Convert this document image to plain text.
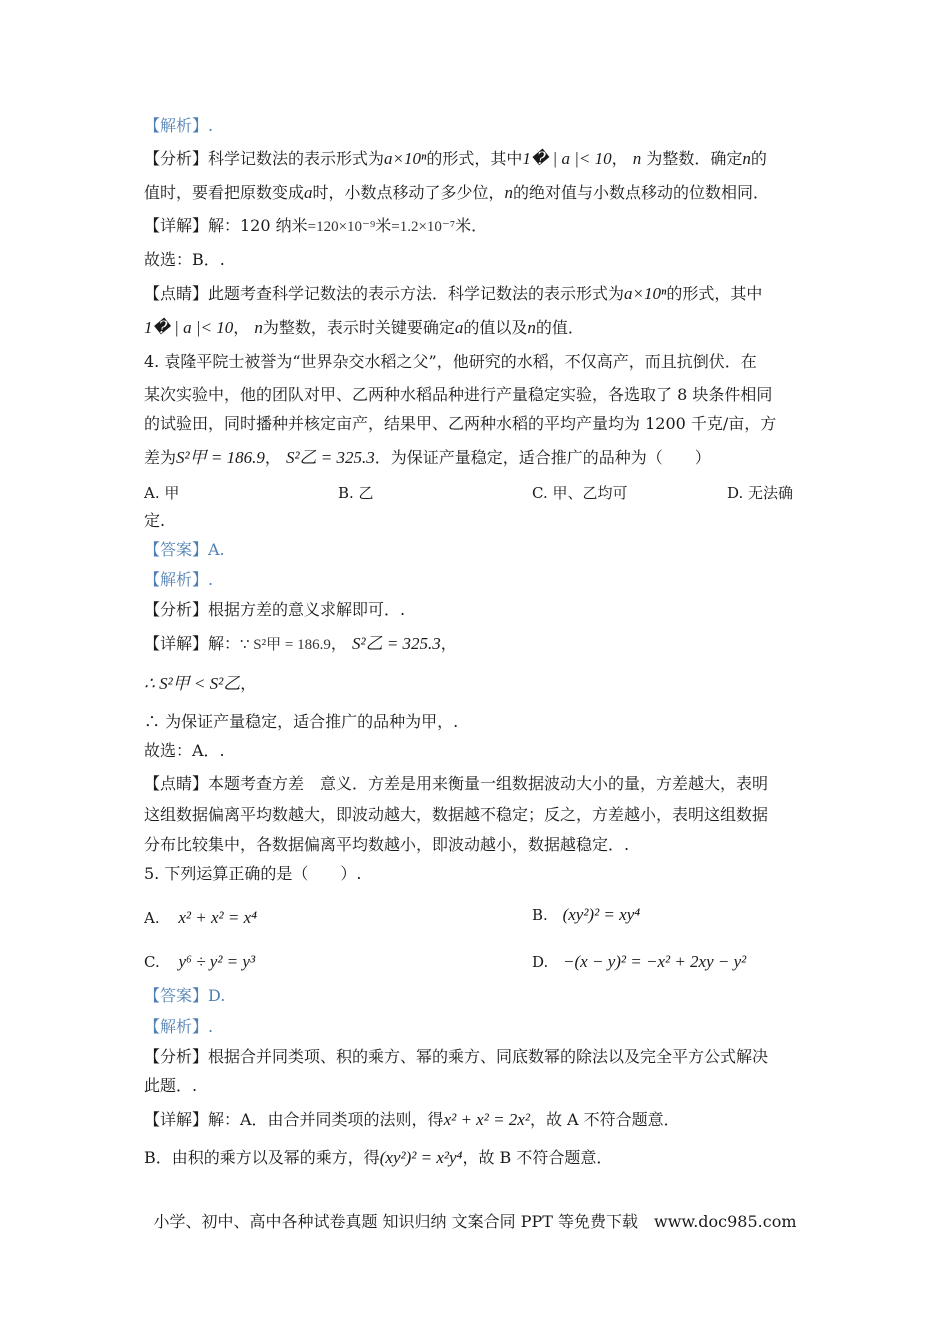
【解析】.
【分析】科学记数法的表示形式为a×10ⁿ的形式，其中1� | a |< 10， n 为整数．确定n的
值时，要看把原数变成a时，小数点移动了多少位，n的绝对值与小数点移动的位数相同．
【详解】解：120 纳米=120×10⁻⁹米=1.2×10⁻⁷米．
故选：B．.
【点睛】此题考查科学记数法的表示方法．科学记数法的表示形式为a×10ⁿ的形式，其中
1� | a |< 10， n为整数，表示时关键要确定a的值以及n的值．
4. 袁隆平院士被誉为“世界杂交水稻之父”，他研究的水稻，不仅高产，而且抗倒伏．在
某次实验中，他的团队对甲、乙两种水稻品种进行产量稳定实验，各选取了 8 块条件相同
的试验田，同时播种并核定亩产，结果甲、乙两种水稻的平均产量均为 1200 千克/亩，方
差为S²甲 = 186.9， S²乙 = 325.3．为保证产量稳定，适合推广的品种为（　　）
A. 甲	B. 乙	C. 甲、乙均可	D. 无法确
定.
【答案】A.
【解析】.
【分析】根据方差的意义求解即可．.
【详解】解：∵ S²甲 = 186.9， S²乙 = 325.3，
∴ S²甲 < S²乙，
∴ 为保证产量稳定，适合推广的品种为甲，.
故选：A．.
【点睛】本题考查方差　意义．方差是用来衡量一组数据波动大小的量，方差越大，表明
这组数据偏离平均数越大，即波动越大，数据越不稳定；反之，方差越小，表明这组数据
分布比较集中，各数据偏离平均数越小，即波动越小，数据越稳定．.
5. 下列运算正确的是（　　）.
A. x² + x² = x⁴	B. (xy²)² = xy⁴
C. y⁶ ÷ y² = y³	D. −(x − y)² = −x² + 2xy − y²
【答案】D.
【解析】.
【分析】根据合并同类项、积的乘方、幂的乘方、同底数幂的除法以及完全平方公式解决
此题．.
【详解】解：A．由合并同类项的法则，得x² + x² = 2x²，故 A 不符合题意．
B．由积的乘方以及幂的乘方，得(xy²)² = x²y⁴，故 B 不符合题意．
小学、初中、高中各种试卷真题 知识归纳 文案合同 PPT 等免费下载　www.doc985.com
